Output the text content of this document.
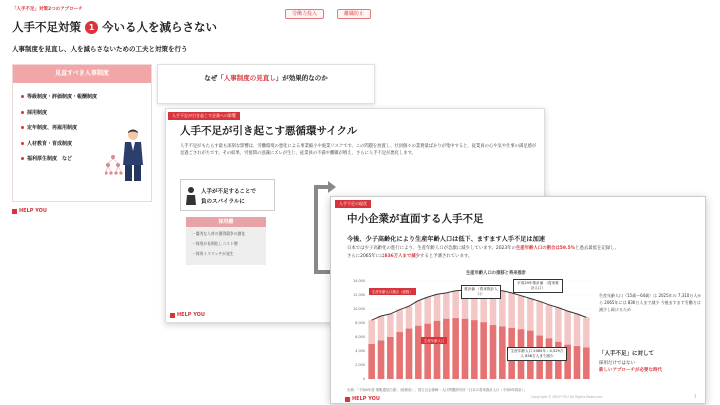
「人手不足」対策2つのアプローチ
労働力投入	離職防止
人手不足対策 1 今いる人を減らさない
人事制度を見直し、人を減らさないための工夫と対策を行う
見直すべき人事制度
等級制度・評価制度・報酬制度
採用制度
定年制度、再雇用制度
人材教育・育成制度
福利厚生制度　など
HELP YOU
なぜ「人事制度の見直し」が効果的なのか
人手不足が引き起こす企業への影響
人手不足が引き起こす悪循環サイクル
人手不足がもたらす最も深刻な影響は、労働環境の悪化による事業縮小や廃業リスクです。この問題を放置し、社員個々の業務量ばかりが集中すると、従業員の心や気や仕事の満足感が見過ごされがちです。その結果、労使間の意識にズレが生じ、従業員の不満や離職が増え、さらに人手不足が悪化します。
人手が不足することで
負のスパイラルに
採用難
・優秀な人材の獲得競争の激化
・採用が長期化しコスト増
・採用ミスマッチが発生
HELP YOU
人手不足の現状
中小企業が直面する人手不足
今後、少子高齢化により生産年齢人口は低下、ますます人手不足は加速
日本では少子高齢化の進行により、生産年齢人口が急激に減少しています。2023年の生産年齢人口の割合は59.5%と過去最低を記録し、
さらに2065年には836万人まで減少すると予測されています。
生産年齢人口の推移と将来推計
14,000
12,000
10,000
8,000
6,000
4,000
2,000
0
生産年齢人口割合（総数）
生産年齢人口
推計値 （将来推計人口）
平成29年推計値 （将来推計人口）
生産年齢人口 2065年 : 4,529万人 836万人まで減少
生産年齢人口（15歳〜64歳）は 2025年の 7,310万人から 2065年には 836万人まで減少 今後ますます労働力は減少し続けるため
「人手不足」に対して
採用だけではない
新しいアプローチが必要な時代
出典：「令和4年度 情報通信白書」（総務省）、国立社会保障・人口問題研究所「日本の将来推計人口（令和5年推計）」
HELP YOU	Copyright © HELP YOU All Rights Reserved.	7
